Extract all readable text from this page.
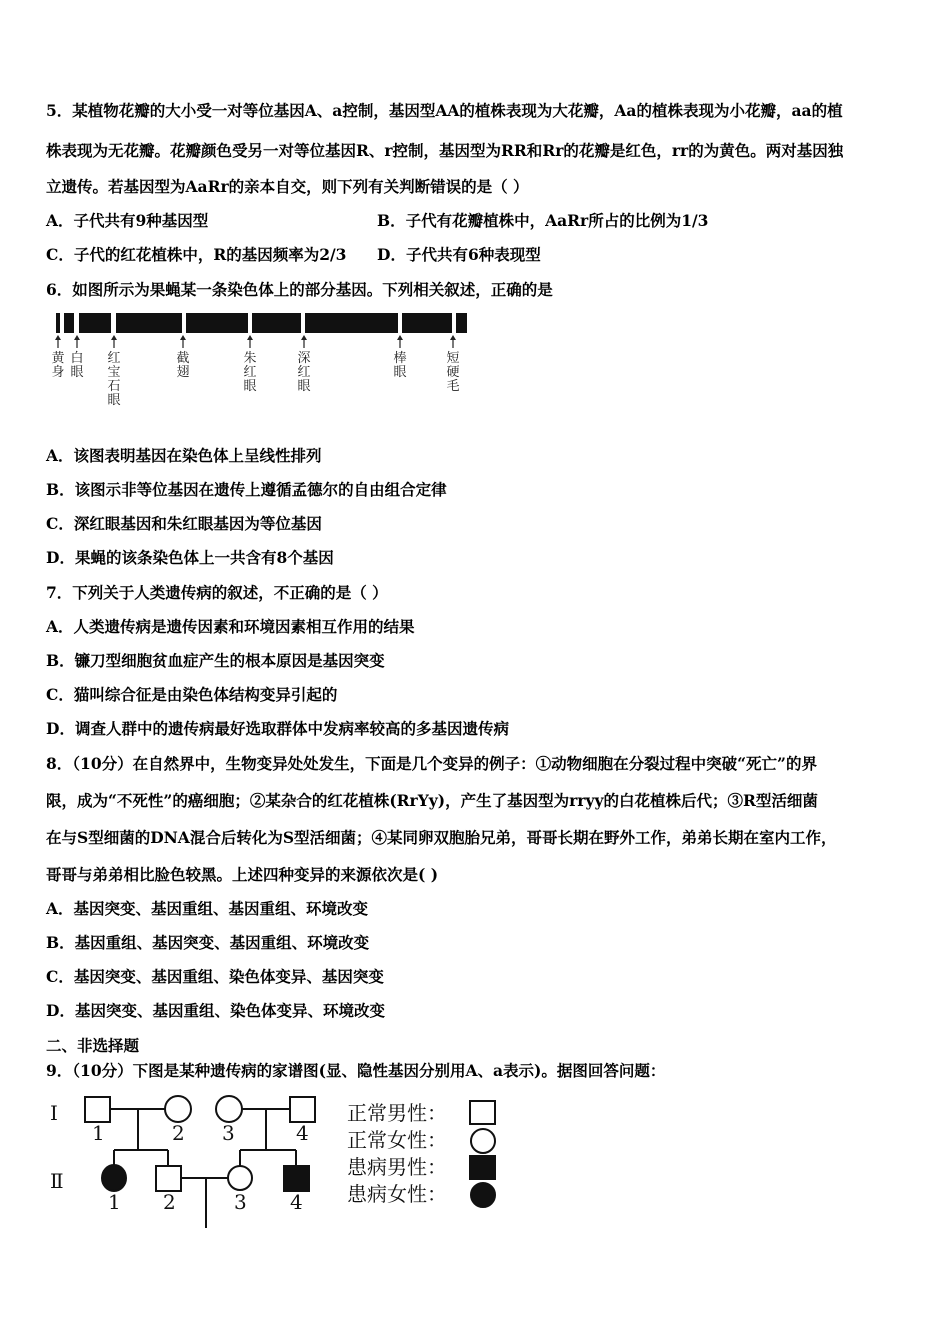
5．某植物花瓣的大小受一对等位基因A、a控制，基因型AA的植株表现为大花瓣，Aa的植株表现为小花瓣，aa的植
株表现为无花瓣。花瓣颜色受另一对等位基因R、r控制，基因型为RR和Rr的花瓣是红色，rr的为黄色。两对基因独
立遗传。若基因型为AaRr的亲本自交，则下列有关判断错误的是（ ）
A．子代共有9种基因型	B．子代有花瓣植株中，AaRr所占的比例为1/3
C．子代的红花植株中，R的基因频率为2/3 D．子代共有6种表现型
6．如图所示为果蝇某一条染色体上的部分基因。下列相关叙述，正确的是
黄身
白眼
红宝石眼
截翅
朱红眼
深红眼
棒眼
短硬毛
A．该图表明基因在染色体上呈线性排列
B．该图示非等位基因在遗传上遵循孟德尔的自由组合定律
C．深红眼基因和朱红眼基因为等位基因
D．果蝇的该条染色体上一共含有8个基因
7．下列关于人类遗传病的叙述，不正确的是（ ）
A．人类遗传病是遗传因素和环境因素相互作用的结果
B．镰刀型细胞贫血症产生的根本原因是基因突变
C．猫叫综合征是由染色体结构变异引起的
D．调查人群中的遗传病最好选取群体中发病率较高的多基因遗传病
8．（10分）在自然界中，生物变异处处发生，下面是几个变异的例子：①动物细胞在分裂过程中突破“死亡”的界
限，成为“不死性”的癌细胞；②某杂合的红花植株(RrYy)，产生了基因型为rryy的白花植株后代；③R型活细菌
在与S型细菌的DNA混合后转化为S型活细菌；④某同卵双胞胎兄弟，哥哥长期在野外工作，弟弟长期在室内工作，
哥哥与弟弟相比脸色较黑。上述四种变异的来源依次是( )
A．基因突变、基因重组、基因重组、环境改变
B．基因重组、基因突变、基因重组、环境改变
C．基因突变、基因重组、染色体变异、基因突变
D．基因突变、基因重组、染色体变异、环境改变
二、非选择题
9．（10分）下图是某种遗传病的家谱图(显、隐性基因分别用A、a表示)。据图回答问题：
Ⅰ
Ⅱ
1	2 3	4
1 2	3 4
正常男性：
正常女性：
患病男性：
患病女性：
